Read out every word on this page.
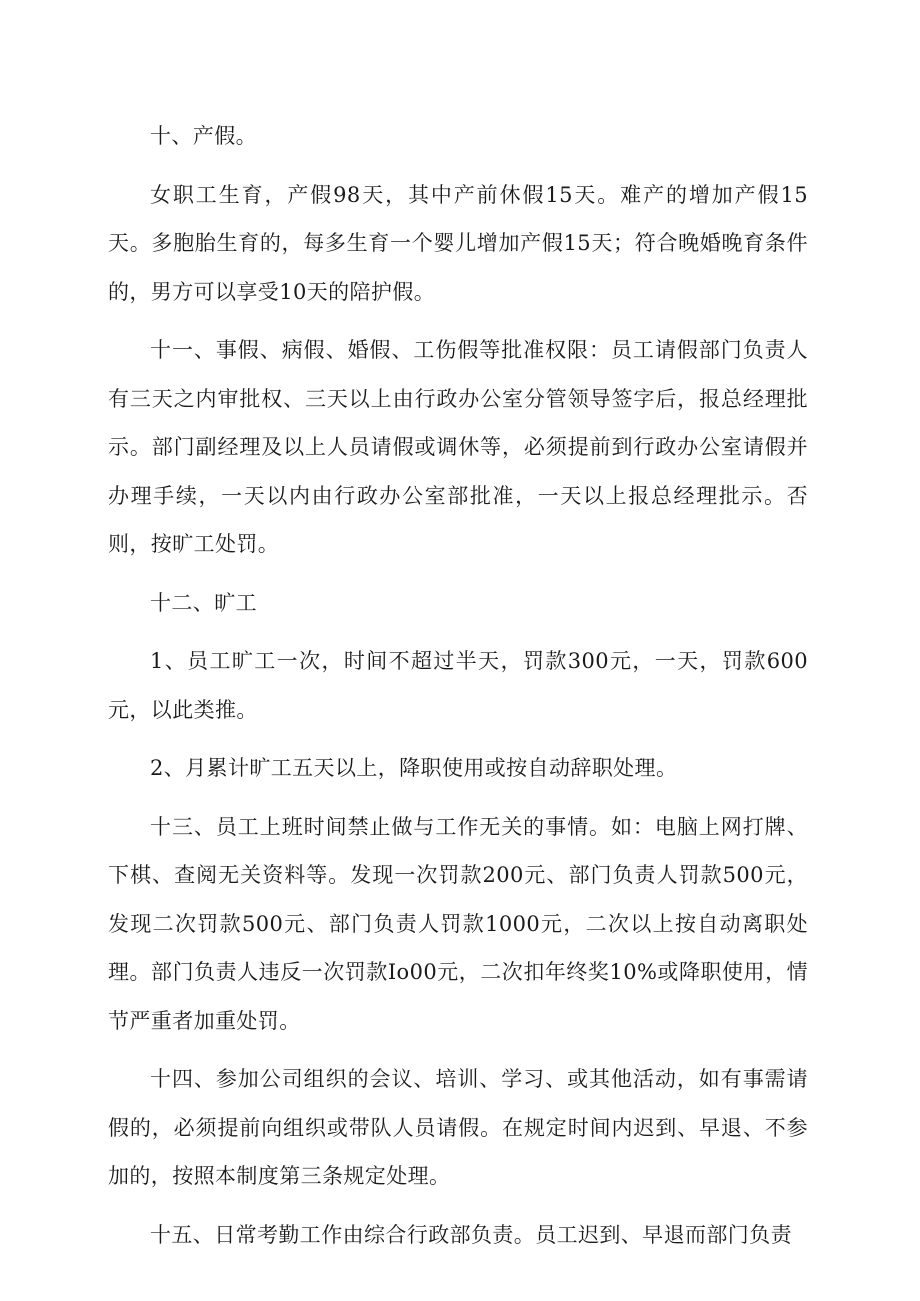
十、产假。

女职工生育，产假98天，其中产前休假15天。难产的增加产假15天。多胞胎生育的，每多生育一个婴儿增加产假15天；符合晚婚晚育条件的，男方可以享受10天的陪护假。

十一、事假、病假、婚假、工伤假等批准权限：员工请假部门负责人有三天之内审批权、三天以上由行政办公室分管领导签字后，报总经理批示。部门副经理及以上人员请假或调休等，必须提前到行政办公室请假并办理手续，一天以内由行政办公室部批准，一天以上报总经理批示。否则，按旷工处罚。

十二、旷工

1、员工旷工一次，时间不超过半天，罚款300元，一天，罚款600元，以此类推。

2、月累计旷工五天以上，降职使用或按自动辞职处理。

十三、员工上班时间禁止做与工作无关的事情。如：电脑上网打牌、下棋、查阅无关资料等。发现一次罚款200元、部门负责人罚款500元，发现二次罚款500元、部门负责人罚款1000元，二次以上按自动离职处理。部门负责人违反一次罚款Io00元，二次扣年终奖10%或降职使用，情节严重者加重处罚。

十四、参加公司组织的会议、培训、学习、或其他活动，如有事需请假的，必须提前向组织或带队人员请假。在规定时间内迟到、早退、不参加的，按照本制度第三条规定处理。

十五、日常考勤工作由综合行政部负责。员工迟到、早退而部门负责
